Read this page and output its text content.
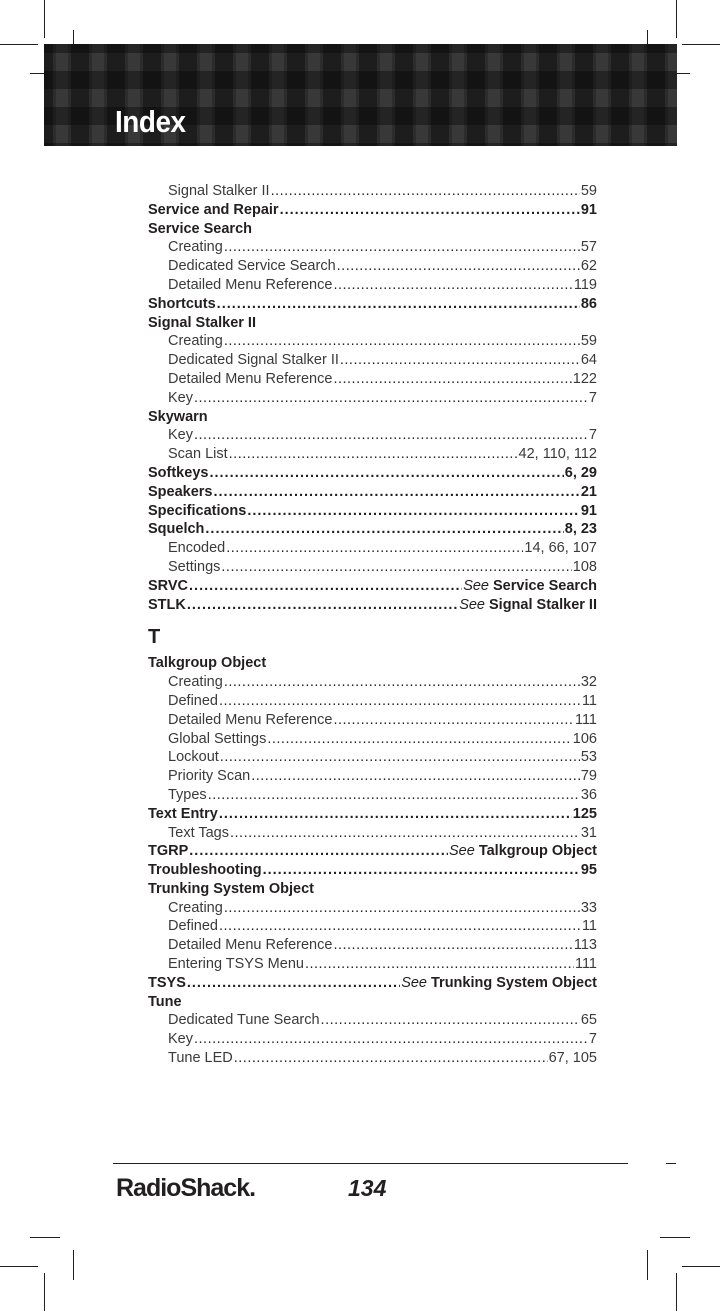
Index
Signal Stalker II .....	59
Service and Repair .....	91
Service Search
Creating .....	57
Dedicated Service Search .....	62
Detailed Menu Reference .....	119
Shortcuts .....	86
Signal Stalker II
Creating .....	59
Dedicated Signal Stalker II .....	64
Detailed Menu Reference .....	122
Key .....	7
Skywarn
Key .....	7
Scan List .....	42, 110, 112
Softkeys .....	6, 29
Speakers .....	21
Specifications .....	91
Squelch .....	8, 23
Encoded .....	14, 66, 107
Settings .....	108
SRVC .....	See Service Search
STLK .....	See Signal Stalker II
T
Talkgroup Object
Creating .....	32
Defined .....	11
Detailed Menu Reference .....	111
Global Settings .....	106
Lockout .....	53
Priority Scan .....	79
Types .....	36
Text Entry .....	125
Text Tags .....	31
TGRP .....	See Talkgroup Object
Troubleshooting .....	95
Trunking System Object
Creating .....	33
Defined .....	11
Detailed Menu Reference .....	113
Entering TSYS Menu .....	111
TSYS .....	See Trunking System Object
Tune
Dedicated Tune Search .....	65
Key .....	7
Tune LED .....	67, 105
RadioShack.	134
